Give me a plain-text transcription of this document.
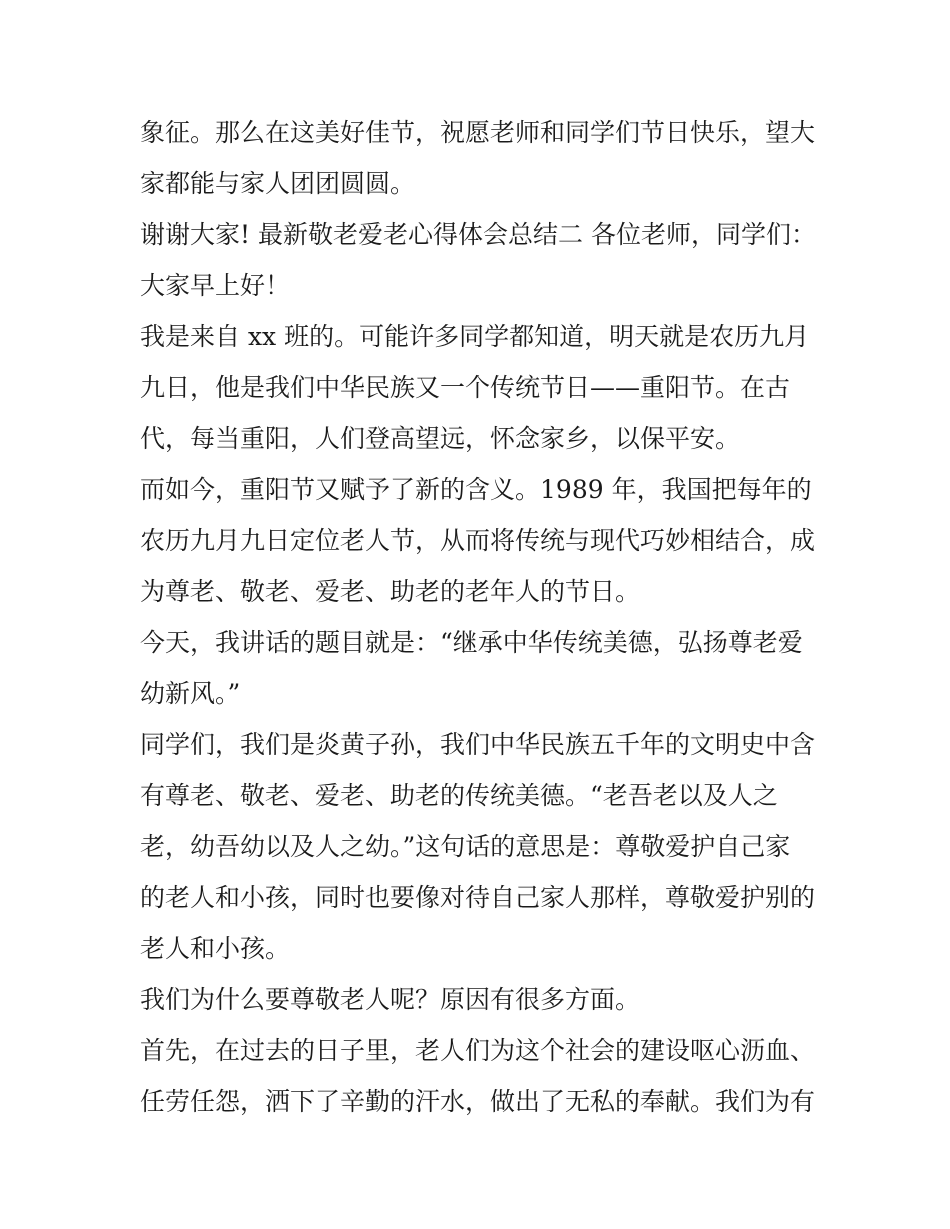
象征。那么在这美好佳节，祝愿老师和同学们节日快乐，望大
家都能与家人团团圆圆。
谢谢大家! 最新敬老爱老心得体会总结二 各位老师，同学们：
大家早上好！
我是来自 xx 班的。可能许多同学都知道，明天就是农历九月
九日，他是我们中华民族又一个传统节日——重阳节。在古
代，每当重阳，人们登高望远，怀念家乡，以保平安。
而如今，重阳节又赋予了新的含义。1989 年，我国把每年的
农历九月九日定位老人节，从而将传统与现代巧妙相结合，成
为尊老、敬老、爱老、助老的老年人的节日。
今天，我讲话的题目就是：“继承中华传统美德，弘扬尊老爱
幼新风。”
同学们，我们是炎黄子孙，我们中华民族五千年的文明史中含
有尊老、敬老、爱老、助老的传统美德。“老吾老以及人之
老，幼吾幼以及人之幼。”这句话的意思是：尊敬爱护自己家
的老人和小孩，同时也要像对待自己家人那样，尊敬爱护别的
老人和小孩。
我们为什么要尊敬老人呢？原因有很多方面。
首先，在过去的日子里，老人们为这个社会的建设呕心沥血、
任劳任怨，洒下了辛勤的汗水，做出了无私的奉献。我们为有
